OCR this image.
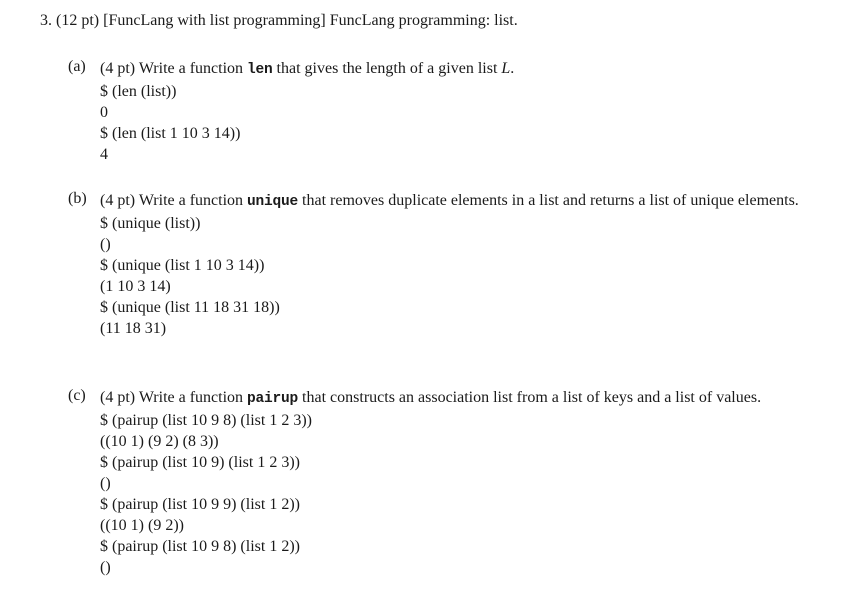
3. (12 pt) [FuncLang with list programming] FuncLang programming: list.
(a) (4 pt) Write a function len that gives the length of a given list L.
$ (len (list))
0
$ (len (list 1 10 3 14))
4
(b) (4 pt) Write a function unique that removes duplicate elements in a list and returns a list of unique elements.
$ (unique (list))
()
$ (unique (list 1 10 3 14))
(1 10 3 14)
$ (unique (list 11 18 31 18))
(11 18 31)
(c) (4 pt) Write a function pairup that constructs an association list from a list of keys and a list of values.
$ (pairup (list 10 9 8) (list 1 2 3))
((10 1) (9 2) (8 3))
$ (pairup (list 10 9) (list 1 2 3))
()
$ (pairup (list 10 9 9) (list 1 2))
((10 1) (9 2))
$ (pairup (list 10 9 8) (list 1 2))
()
